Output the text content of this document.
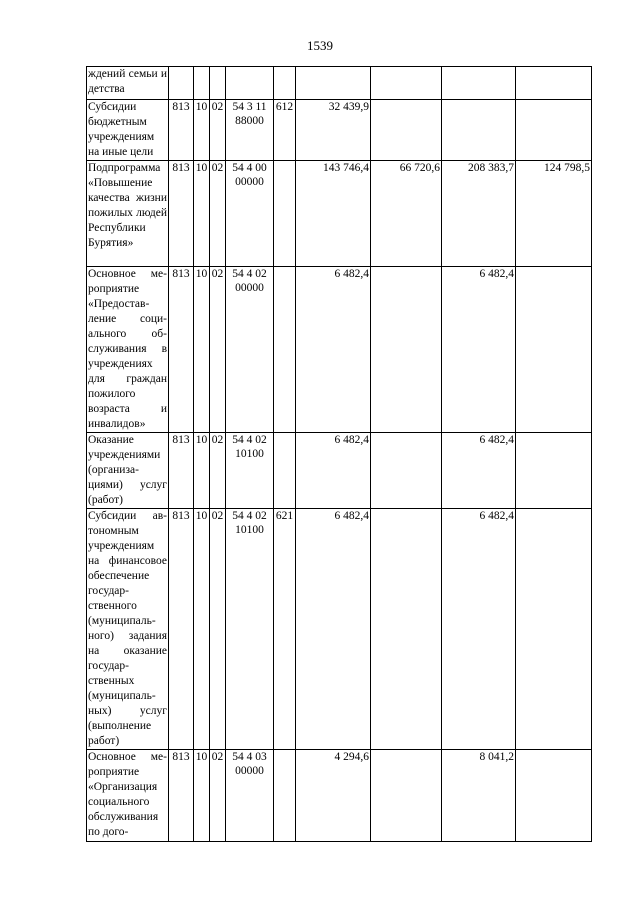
1539
ждений семьи и детства									
Субсидии бюджетным учреждениям на иные цели	813	10	02	54 3 11 88000	612	32 439,9			
Подпрограмма «Повышение качества жизни пожилых людей Республики Бурятия»	813	10	02	54 4 00 00000		143 746,4	66 720,6	208 383,7	124 798,5
Основное мероприятие «Предоставление социального обслуживания в учреждениях для граждан пожилого возраста и инвалидов»	813	10	02	54 4 02 00000		6 482,4		6 482,4	
Оказание учреждениями (организациями) услуг (работ)	813	10	02	54 4 02 10100		6 482,4		6 482,4	
Субсидии автономным учреждениям на финансовое обеспечение государственного (муниципального) задания на оказание государственных (муниципальных) услуг (выполнение работ)	813	10	02	54 4 02 10100	621	6 482,4		6 482,4	
Основное мероприятие «Организация социального обслуживания по дого-	813	10	02	54 4 03 00000		4 294,6		8 041,2	
